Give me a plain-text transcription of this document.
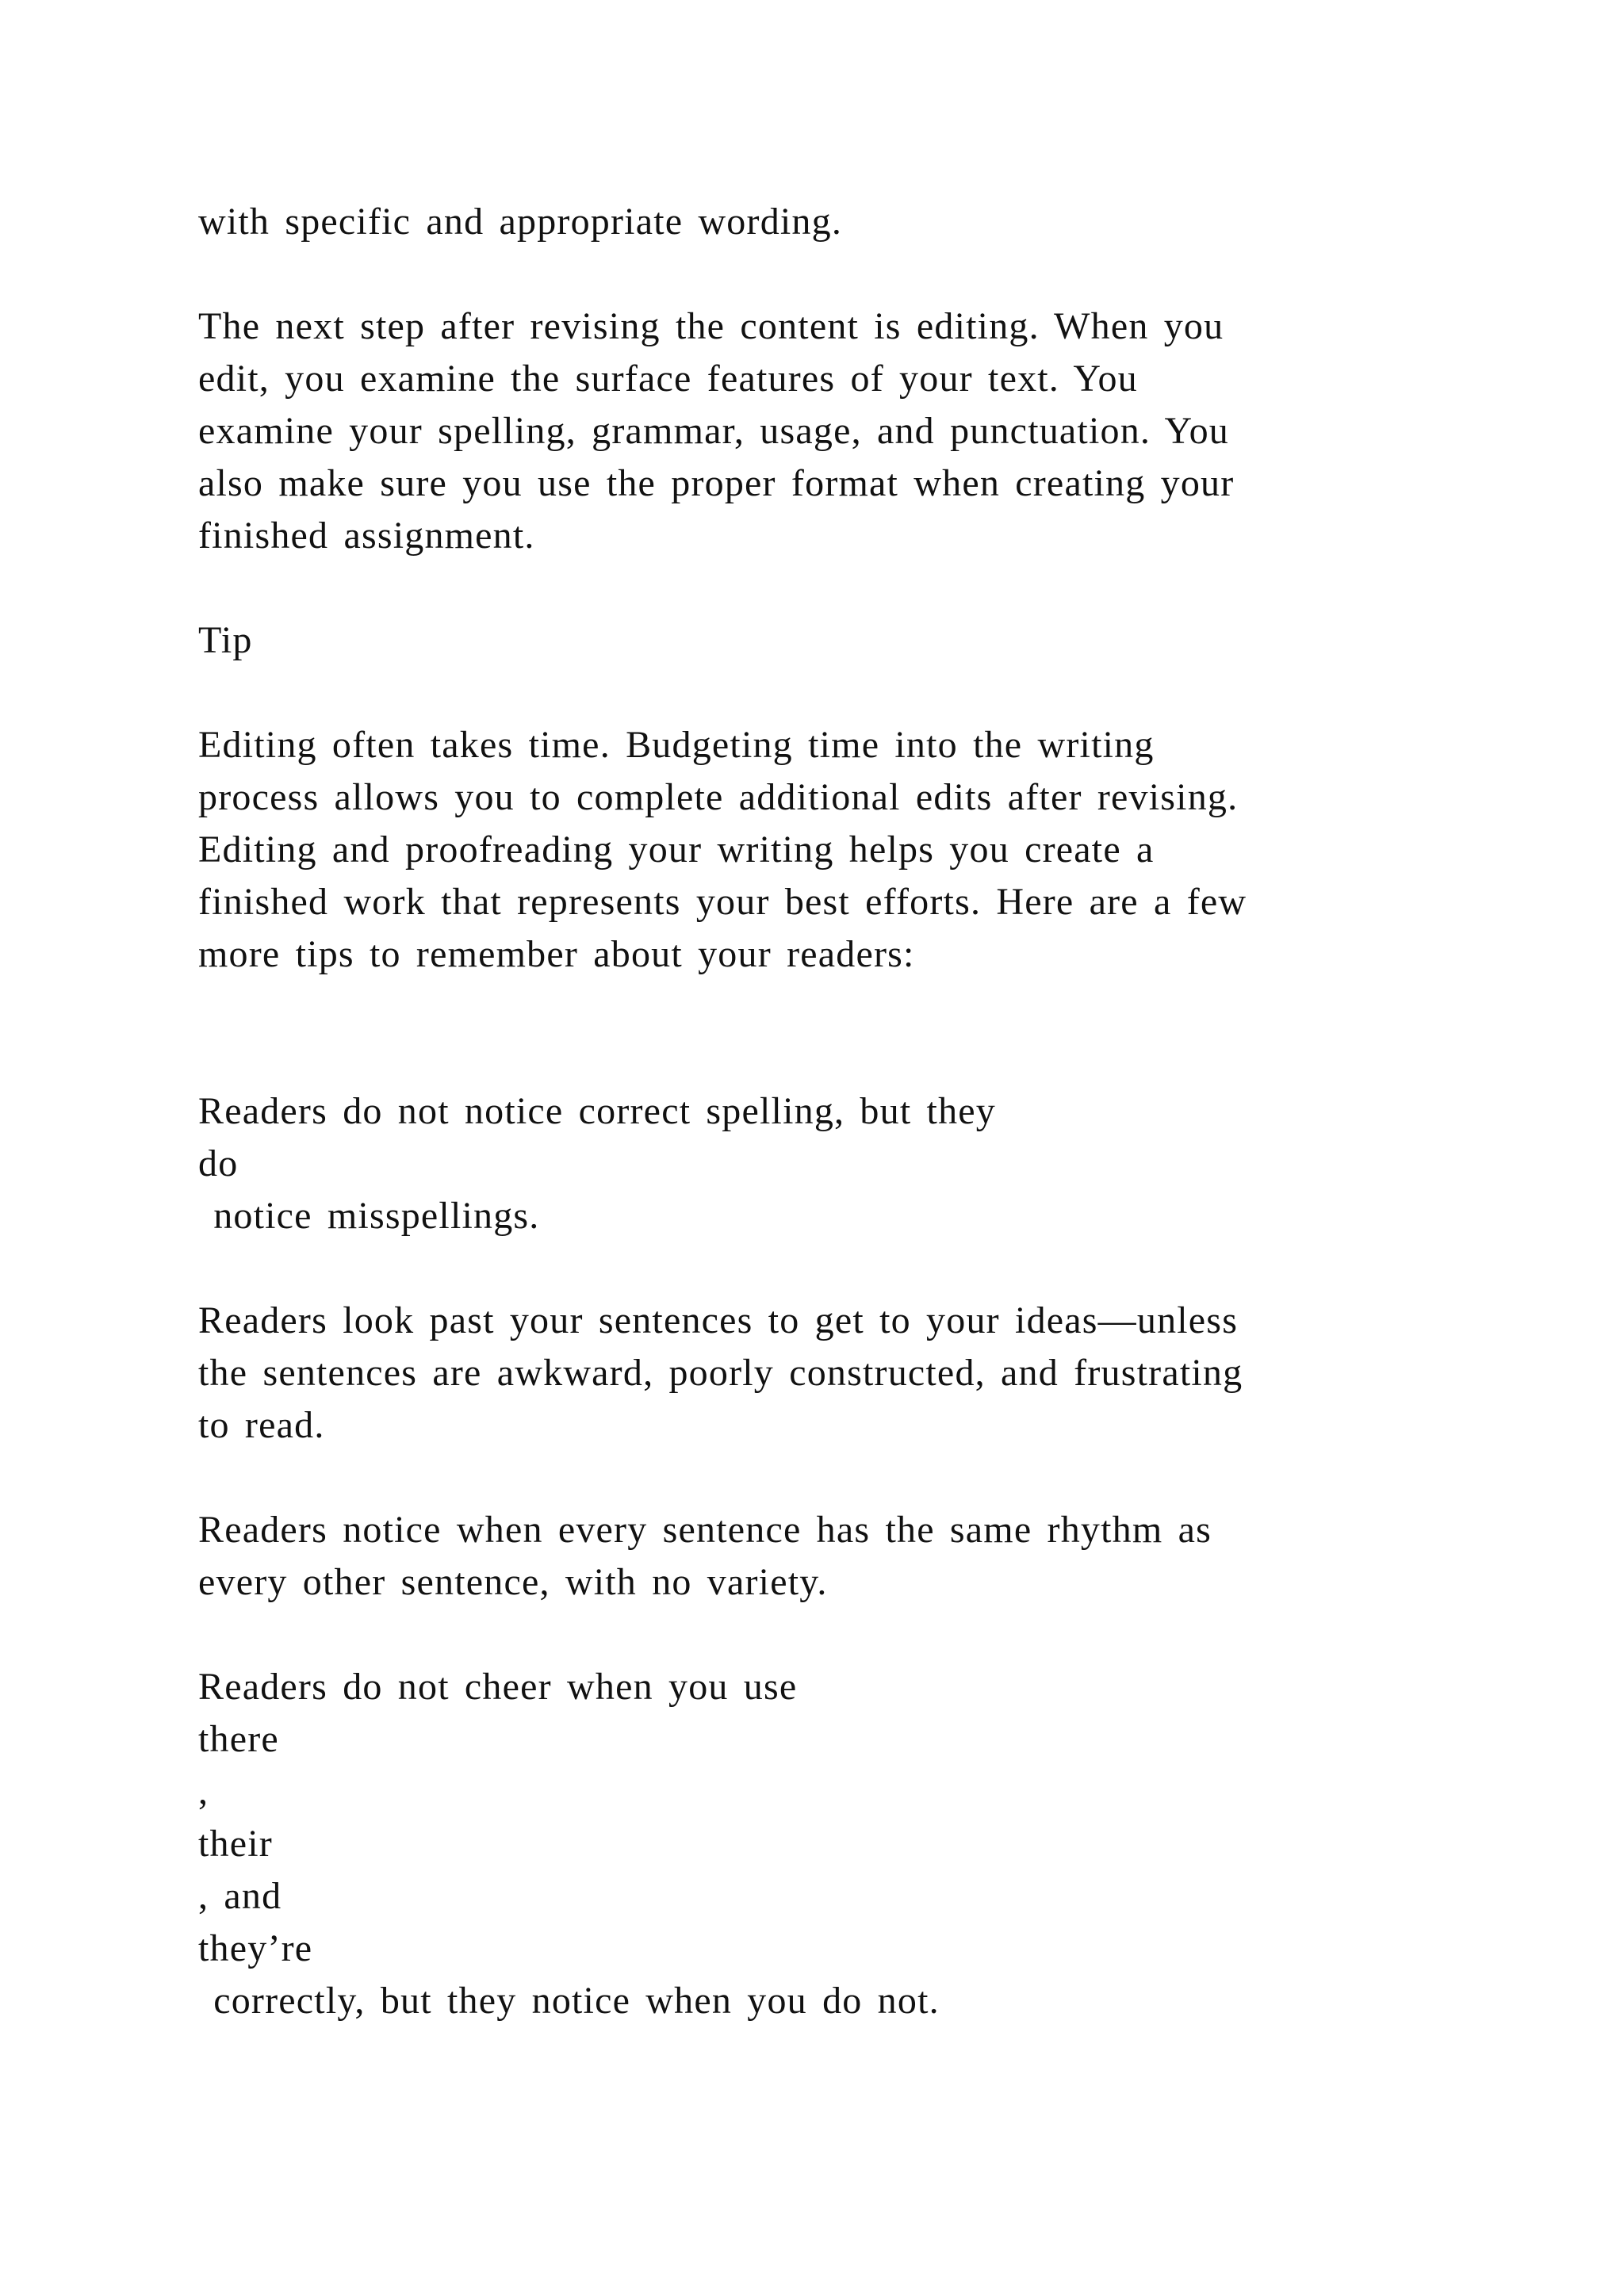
with specific and appropriate wording.
The next step after revising the content is editing. When you
edit, you examine the surface features of your text. You
examine your spelling, grammar, usage, and punctuation. You
also make sure you use the proper format when creating your
finished assignment.
Tip
Editing often takes time. Budgeting time into the writing
process allows you to complete additional edits after revising.
Editing and proofreading your writing helps you create a
finished work that represents your best efforts. Here are a few
more tips to remember about your readers:
Readers do not notice correct spelling, but they
do
notice misspellings.
Readers look past your sentences to get to your ideas—unless
the sentences are awkward, poorly constructed, and frustrating
to read.
Readers notice when every sentence has the same rhythm as
every other sentence, with no variety.
Readers do not cheer when you use
there
,
their
, and
they’re
correctly, but they notice when you do not.
